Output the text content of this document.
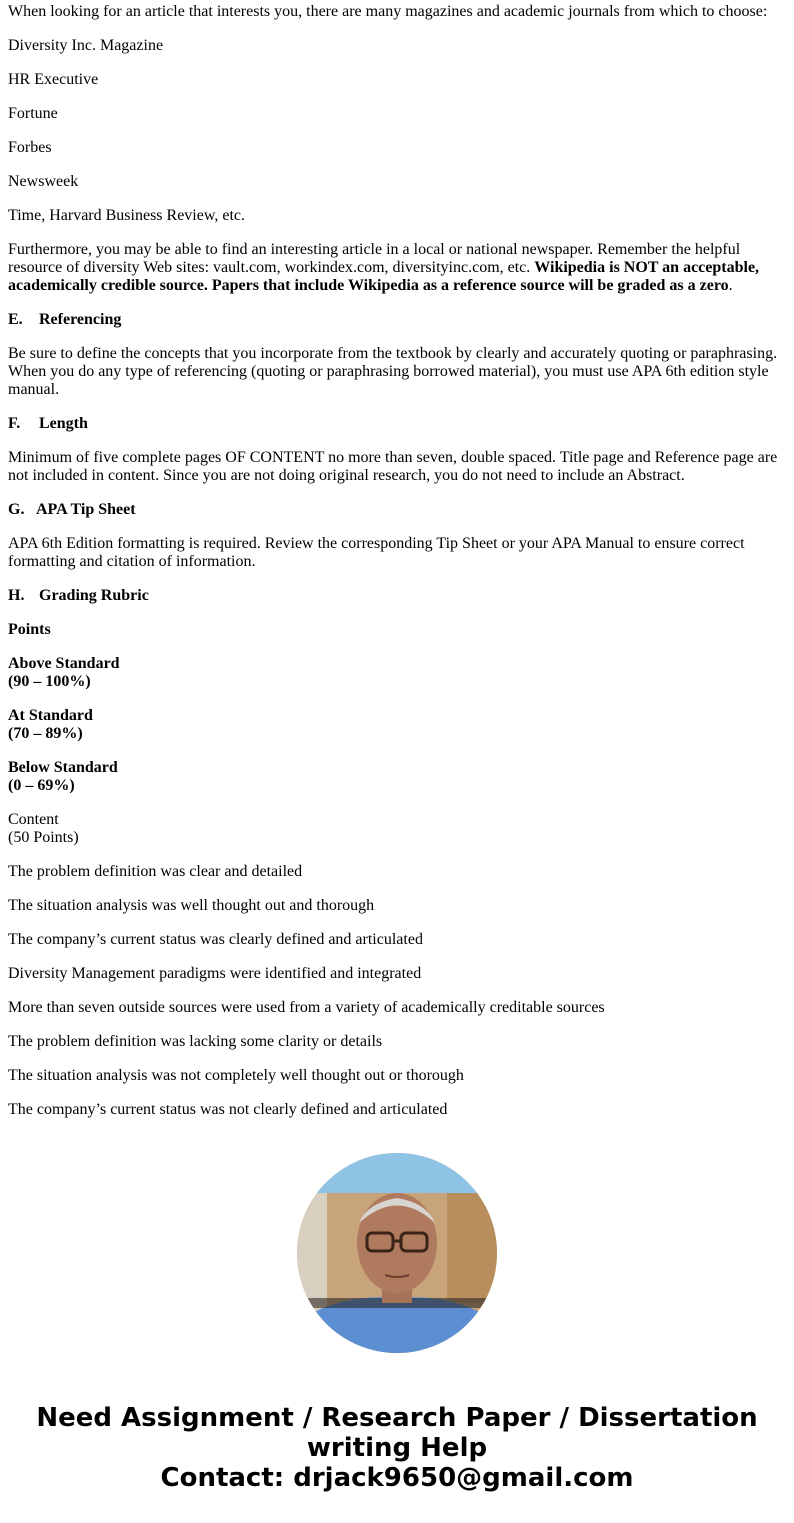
When looking for an article that interests you, there are many magazines and academic journals from which to choose:

Diversity Inc. Magazine

HR Executive

Fortune

Forbes

Newsweek

Time, Harvard Business Review, etc.

Furthermore, you may be able to find an interesting article in a local or national newspaper. Remember the helpful resource of diversity Web sites: vault.com, workindex.com, diversityinc.com, etc. Wikipedia is NOT an acceptable, academically credible source. Papers that include Wikipedia as a reference source will be graded as a zero.

E. Referencing

Be sure to define the concepts that you incorporate from the textbook by clearly and accurately quoting or paraphrasing. When you do any type of referencing (quoting or paraphrasing borrowed material), you must use APA 6th edition style manual.

F. Length

Minimum of five complete pages OF CONTENT no more than seven, double spaced. Title page and Reference page are not included in content. Since you are not doing original research, you do not need to include an Abstract.

G. APA Tip Sheet

APA 6th Edition formatting is required. Review the corresponding Tip Sheet or your APA Manual to ensure correct formatting and citation of information.

H. Grading Rubric

Points

Above Standard
(90 – 100%)

At Standard
(70 – 89%)

Below Standard
(0 – 69%)

Content
(50 Points)

The problem definition was clear and detailed

The situation analysis was well thought out and thorough

The company’s current status was clearly defined and articulated

Diversity Management paradigms were identified and integrated

More than seven outside sources were used from a variety of academically creditable sources

The problem definition was lacking some clarity or details

The situation analysis was not completely well thought out or thorough

The company’s current status was not clearly defined and articulated

Need Assignment / Research Paper / Dissertation writing Help
Contact: drjack9650@gmail.com
